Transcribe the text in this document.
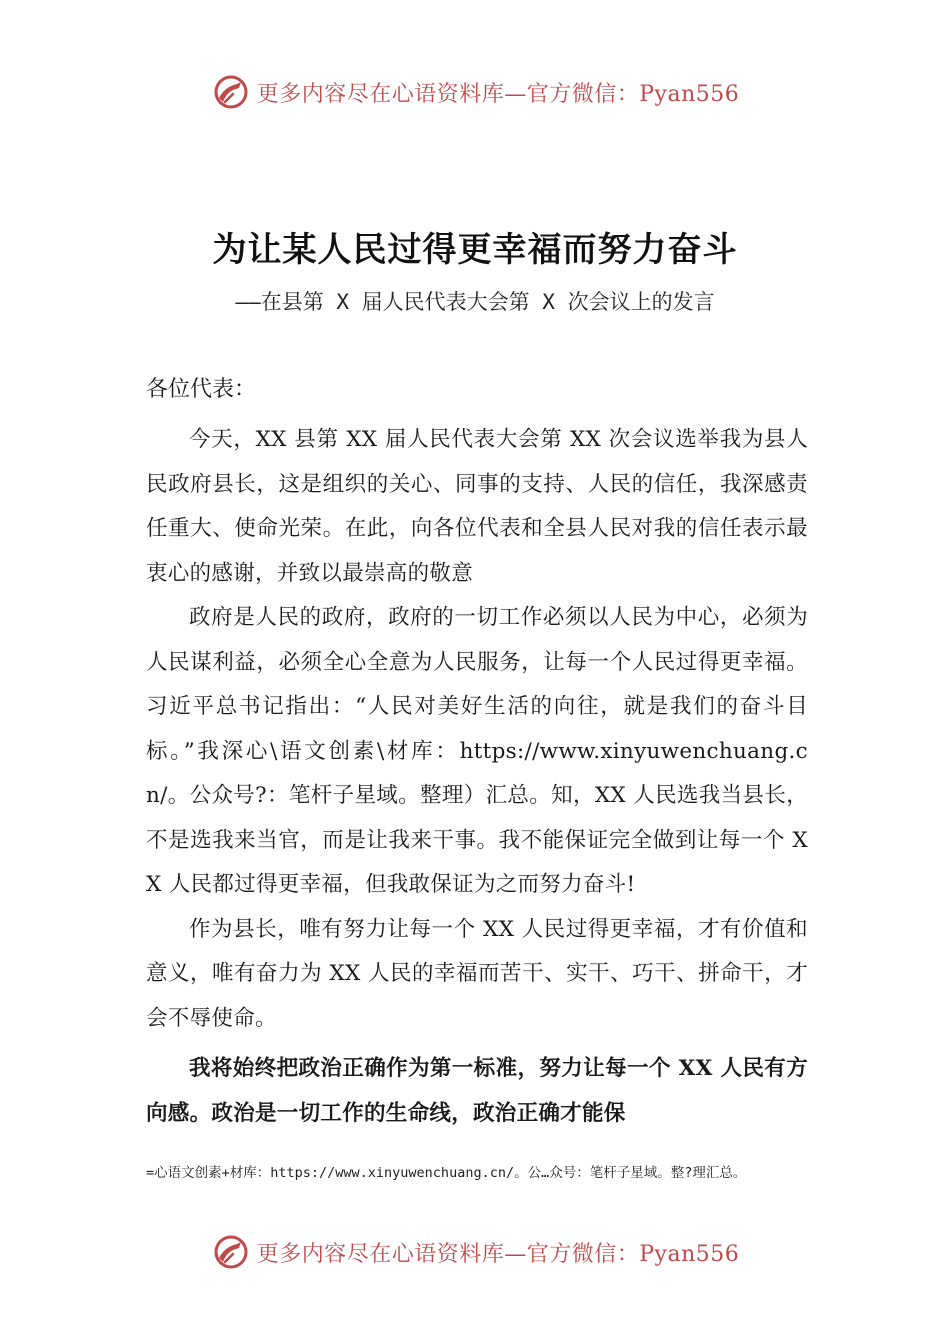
更多内容尽在心语资料库—官方微信：Pyan556
为让某人民过得更幸福而努力奋斗

——在县第 X 届人民代表大会第 X 次会议上的发言

各位代表：

今天，XX 县第 XX 届人民代表大会第 XX 次会议选举我为县人民政府县长，这是组织的关心、同事的支持、人民的信任，我深感责任重大、使命光荣。在此，向各位代表和全县人民对我的信任表示最衷心的感谢，并致以最崇高的敬意

政府是人民的政府，政府的一切工作必须以人民为中心，必须为人民谋利益，必须全心全意为人民服务，让每一个人民过得更幸福。习近平总书记指出：“人民对美好生活的向往，就是我们的奋斗目标。”我深心\语文创素\材库：https://www.xinyuwenchuang.cn/。公众号?：笔杆子星域。整理）汇总。知，XX 人民选我当县长，不是选我来当官，而是让我来干事。我不能保证完全做到让每一个 XX 人民都过得更幸福，但我敢保证为之而努力奋斗!

作为县长，唯有努力让每一个 XX 人民过得更幸福，才有价值和意义，唯有奋力为 XX 人民的幸福而苦干、实干、巧干、拼命干，才会不辱使命。

我将始终把政治正确作为第一标准，努力让每一个 XX 人民有方向感。政治是一切工作的生命线，政治正确才能保

=心语文创素+材库：https://www.xinyuwenchuang.cn/。公…众号：笔杆子星域。整?理汇总。

更多内容尽在心语资料库—官方微信：Pyan556
